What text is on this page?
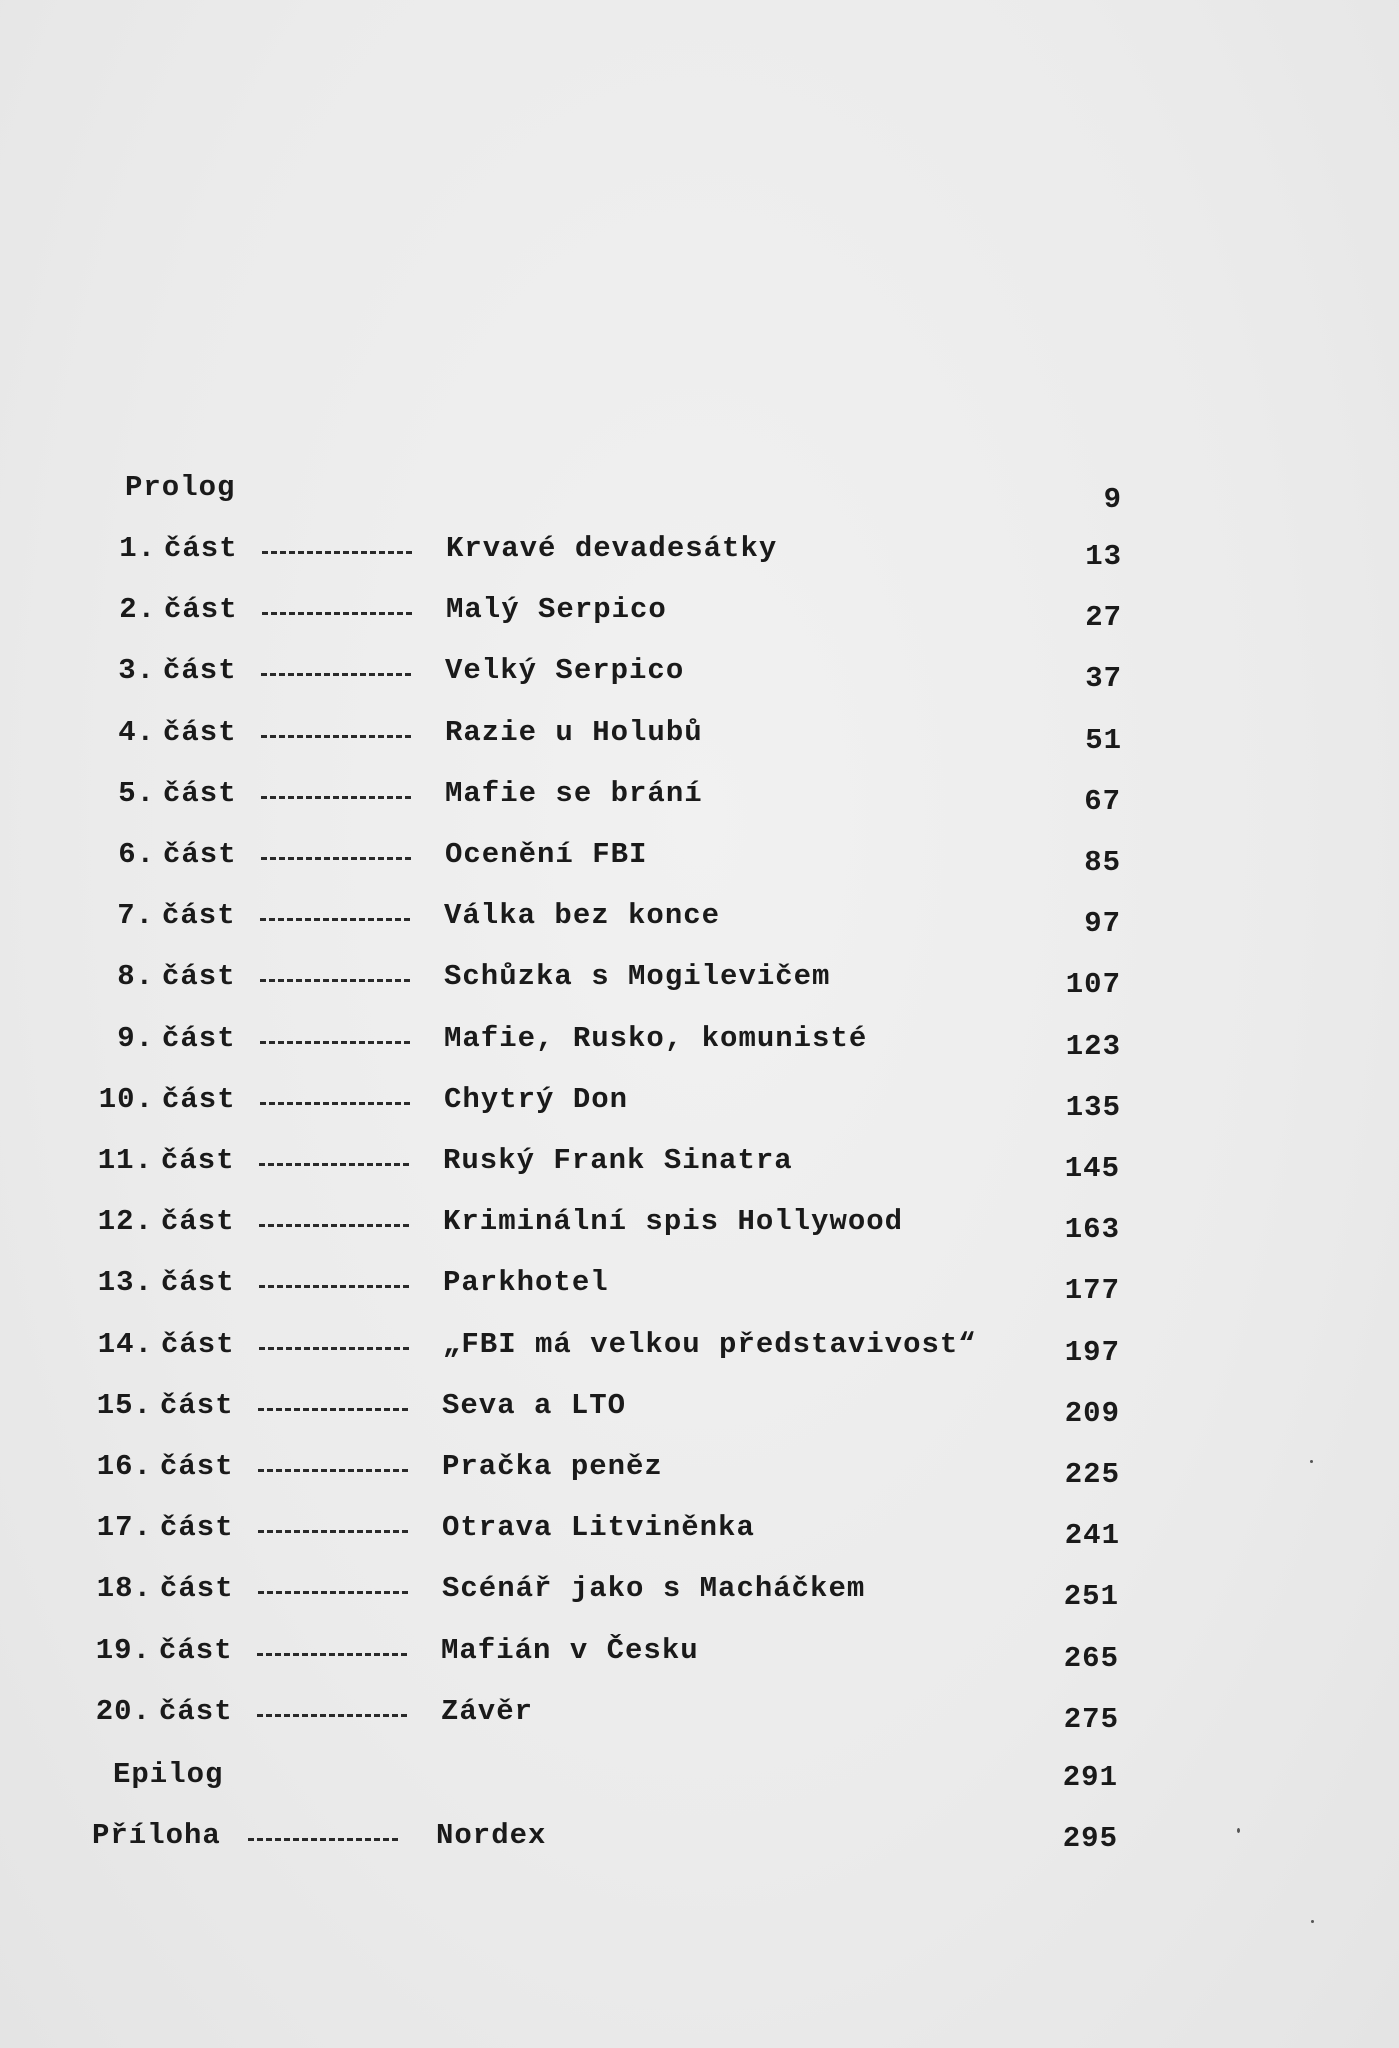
Prolog	9
1. část	Krvavé devadesátky	13
2. část	Malý Serpico	27
3. část	Velký Serpico	37
4. část	Razie u Holubů	51
5. část	Mafie se brání	67
6. část	Ocenění FBI	85
7. část	Válka bez konce	97
8. část	Schůzka s Mogilevičem	107
9. část	Mafie, Rusko, komunisté	123
10. část	Chytrý Don	135
11. část	Ruský Frank Sinatra	145
12. část	Kriminální spis Hollywood	163
13. část	Parkhotel	177
14. část	„FBI má velkou představivost“	197
15. část	Seva a LTO	209
16. část	Pračka peněz	225
17. část	Otrava Litviněnka	241
18. část	Scénář jako s Macháčkem	251
19. část	Mafián v Česku	265
20. část	Závěr	275
Epilog	291
Příloha	Nordex	295
